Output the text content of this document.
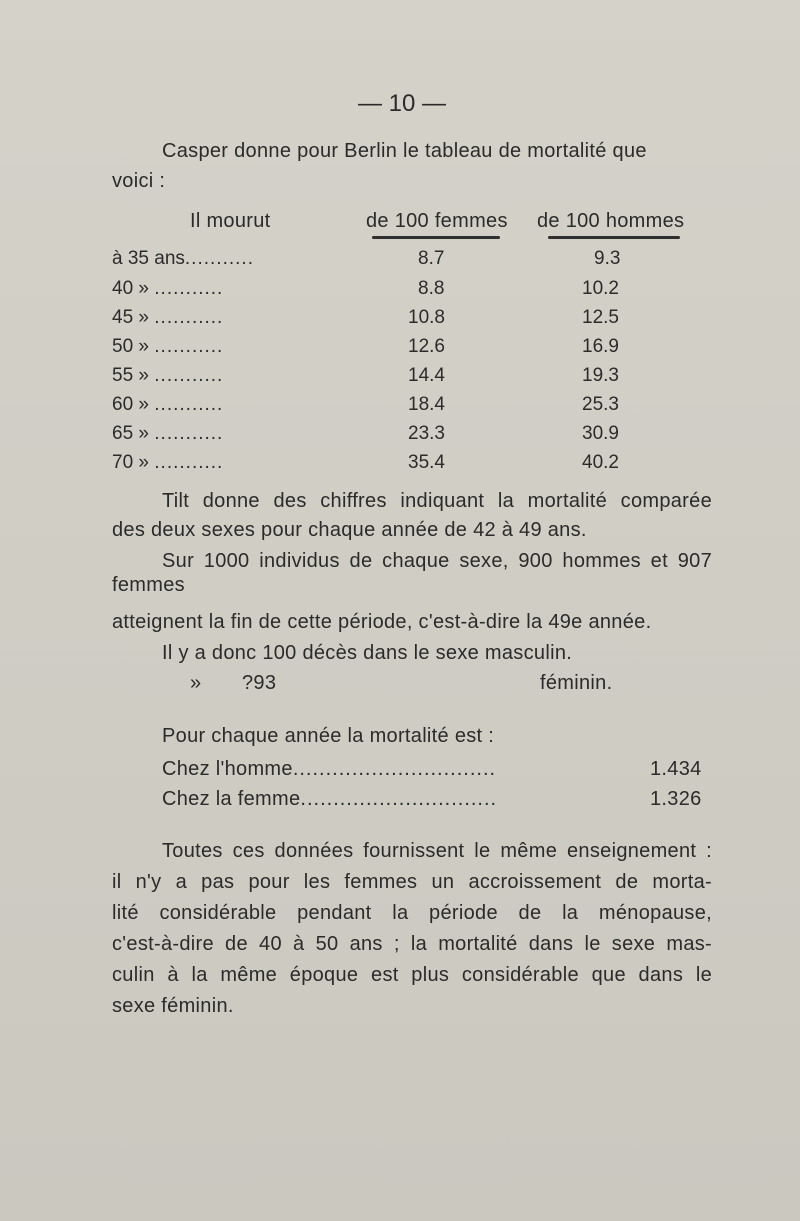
— 10 —
Casper donne pour Berlin le tableau de mortalité que
voici :
Il mourut	de 100 femmes de 100 hommes
à 35 ans...........	8.7	9.3
40 » ...........	8.8	10.2
45 » ...........	10.8	12.5
50 » ...........	12.6	16.9
55 » ...........	14.4	19.3
60 » ...........	18.4	25.3
65 » ...........	23.3	30.9
70 » ...........	35.4	40.2
Tilt donne des chiffres indiquant la mortalité comparée
des deux sexes pour chaque année de 42 à 49 ans.
Sur 1000 individus de chaque sexe, 900 hommes et 907
femmes
atteignent la fin de cette période, c'est-à-dire la 49e année.
Il y a donc 100 décès dans le sexe masculin.
» ?93	féminin.
Pour chaque année la mortalité est :
Chez l'homme...............................	1.434
Chez la femme..............................	1.326
Toutes ces données fournissent le même enseignement :
il n'y a pas pour les femmes un accroissement de morta-
lité considérable pendant la période de la ménopause,
c'est-à-dire de 40 à 50 ans ; la mortalité dans le sexe mas-
culin à la même époque est plus considérable que dans le
sexe féminin.
